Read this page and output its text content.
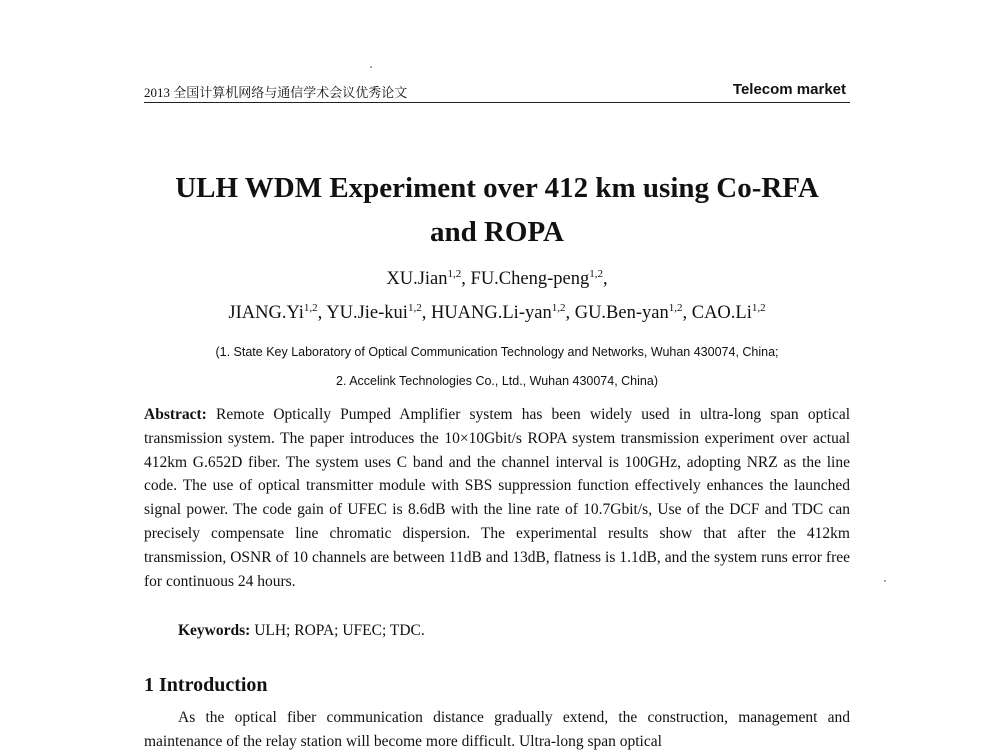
2013 全国计算机网络与通信学术会议优秀论文	Telecom market
ULH WDM Experiment over 412 km using Co-RFA
and ROPA
XU.Jian$^{1,2}$, FU.Cheng-peng$^{1,2}$,
JIANG.Yi$^{1,2}$, YU.Jie-kui$^{1,2}$, HUANG.Li-yan$^{1,2}$, GU.Ben-yan$^{1,2}$, CAO.Li$^{1,2}$
(1. State Key Laboratory of Optical Communication Technology and Networks, Wuhan 430074, China;
2. Accelink Technologies Co., Ltd., Wuhan 430074, China)
Abstract: Remote Optically Pumped Amplifier system has been widely used in ultra-long span optical transmission system. The paper introduces the 10×10Gbit/s ROPA system transmission experiment over actual 412km G.652D fiber. The system uses C band and the channel interval is 100GHz, adopting NRZ as the line code. The use of optical transmitter module with SBS suppression function effectively enhances the launched signal power. The code gain of UFEC is 8.6dB with the line rate of 10.7Gbit/s, Use of the DCF and TDC can precisely compensate line chromatic dispersion. The experimental results show that after the 412km transmission, OSNR of 10 channels are between 11dB and 13dB, flatness is 1.1dB, and the system runs error free for continuous 24 hours.
Keywords: ULH; ROPA; UFEC; TDC.
1 Introduction
As the optical fiber communication distance gradually extend, the construction, management and maintenance of the relay station will become more difficult. Ultra-long span optical
